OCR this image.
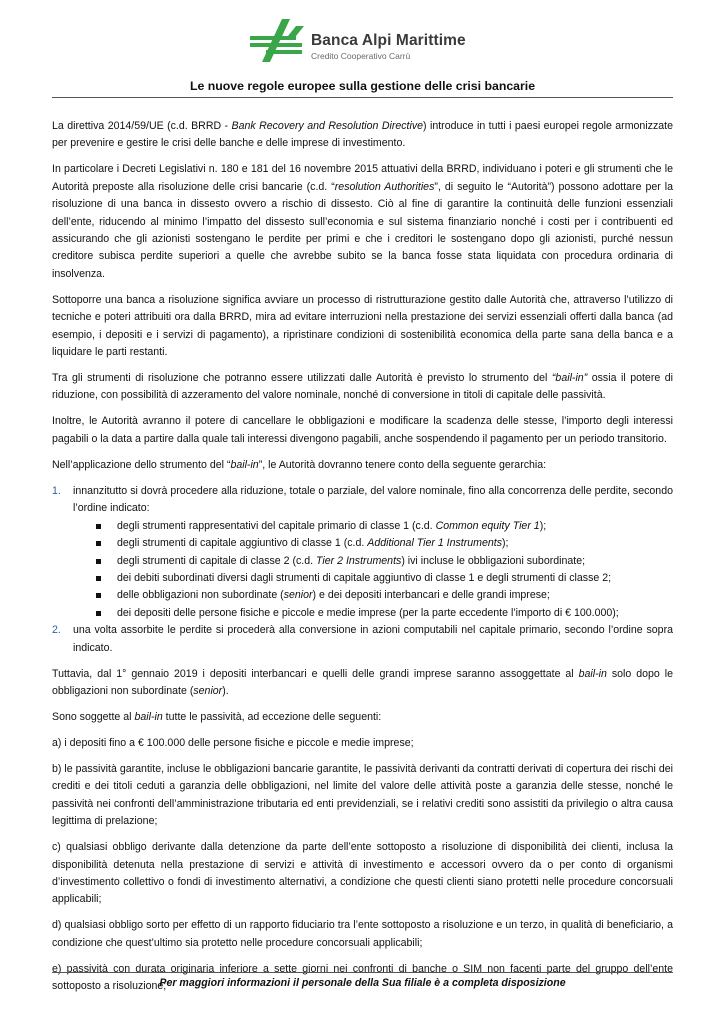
Banca Alpi Marittime
Credito Cooperativo Carrù
Le nuove regole europee sulla gestione delle crisi bancarie

La direttiva 2014/59/UE (c.d. BRRD - Bank Recovery and Resolution Directive) introduce in tutti i paesi europei regole armonizzate per prevenire e gestire le crisi delle banche e delle imprese di investimento.

In particolare i Decreti Legislativi n. 180 e 181 del 16 novembre 2015 attuativi della BRRD, individuano i poteri e gli strumenti che le Autorità preposte alla risoluzione delle crisi bancarie (c.d. “resolution Authorities”, di seguito le “Autorità”) possono adottare per la risoluzione di una banca in dissesto ovvero a rischio di dissesto. Ciò al fine di garantire la continuità delle funzioni essenziali dell’ente, riducendo al minimo l’impatto del dissesto sull’economia e sul sistema finanziario nonché i costi per i contribuenti ed assicurando che gli azionisti sostengano le perdite per primi e che i creditori le sostengano dopo gli azionisti, purché nessun creditore subisca perdite superiori a quelle che avrebbe subito se la banca fosse stata liquidata con procedura ordinaria di insolvenza.

Sottoporre una banca a risoluzione significa avviare un processo di ristrutturazione gestito dalle Autorità che, attraverso l’utilizzo di tecniche e poteri attribuiti ora dalla BRRD, mira ad evitare interruzioni nella prestazione dei servizi essenziali offerti dalla banca (ad esempio, i depositi e i servizi di pagamento), a ripristinare condizioni di sostenibilità economica della parte sana della banca e a liquidare le parti restanti.

Tra gli strumenti di risoluzione che potranno essere utilizzati dalle Autorità è previsto lo strumento del “bail-in” ossia il potere di riduzione, con possibilità di azzeramento del valore nominale, nonché di conversione in titoli di capitale delle passività.

Inoltre, le Autorità avranno il potere di cancellare le obbligazioni e modificare la scadenza delle stesse, l’importo degli interessi pagabili o la data a partire dalla quale tali interessi divengono pagabili, anche sospendendo il pagamento per un periodo transitorio.

Nell’applicazione dello strumento del “bail-in”, le Autorità dovranno tenere conto della seguente gerarchia:

1. innanzitutto si dovrà procedere alla riduzione, totale o parziale, del valore nominale, fino alla concorrenza delle perdite, secondo l’ordine indicato:
degli strumenti rappresentativi del capitale primario di classe 1 (c.d. Common equity Tier 1);
degli strumenti di capitale aggiuntivo di classe 1 (c.d. Additional Tier 1 Instruments);
degli strumenti di capitale di classe 2 (c.d. Tier 2 Instruments) ivi incluse le obbligazioni subordinate;
dei debiti subordinati diversi dagli strumenti di capitale aggiuntivo di classe 1 e degli strumenti di classe 2;
delle obbligazioni non subordinate (senior) e dei depositi interbancari e delle grandi imprese;
dei depositi delle persone fisiche e piccole e medie imprese (per la parte eccedente l’importo di € 100.000);
2. una volta assorbite le perdite si procederà alla conversione in azioni computabili nel capitale primario, secondo l’ordine sopra indicato.

Tuttavia, dal 1° gennaio 2019 i depositi interbancari e quelli delle grandi imprese saranno assoggettate al bail-in solo dopo le obbligazioni non subordinate (senior).

Sono soggette al bail-in tutte le passività, ad eccezione delle seguenti:

a) i depositi fino a € 100.000 delle persone fisiche e piccole e medie imprese;

b) le passività garantite, incluse le obbligazioni bancarie garantite, le passività derivanti da contratti derivati di copertura dei rischi dei crediti e dei titoli ceduti a garanzia delle obbligazioni, nel limite del valore delle attività poste a garanzia delle stesse, nonché le passività nei confronti dell’amministrazione tributaria ed enti previdenziali, se i relativi crediti sono assistiti da privilegio o altra causa legittima di prelazione;

c) qualsiasi obbligo derivante dalla detenzione da parte dell’ente sottoposto a risoluzione di disponibilità dei clienti, inclusa la disponibilità detenuta nella prestazione di servizi e attività di investimento e accessori ovvero da o per conto di organismi d’investimento collettivo o fondi di investimento alternativi, a condizione che questi clienti siano protetti nelle procedure concorsuali applicabili;

d) qualsiasi obbligo sorto per effetto di un rapporto fiduciario tra l’ente sottoposto a risoluzione e un terzo, in qualità di beneficiario, a condizione che quest’ultimo sia protetto nelle procedure concorsuali applicabili;

e) passività con durata originaria inferiore a sette giorni nei confronti di banche o SIM non facenti parte del gruppo dell’ente sottoposto a risoluzione;

Per maggiori informazioni il personale della Sua filiale è a completa disposizione
